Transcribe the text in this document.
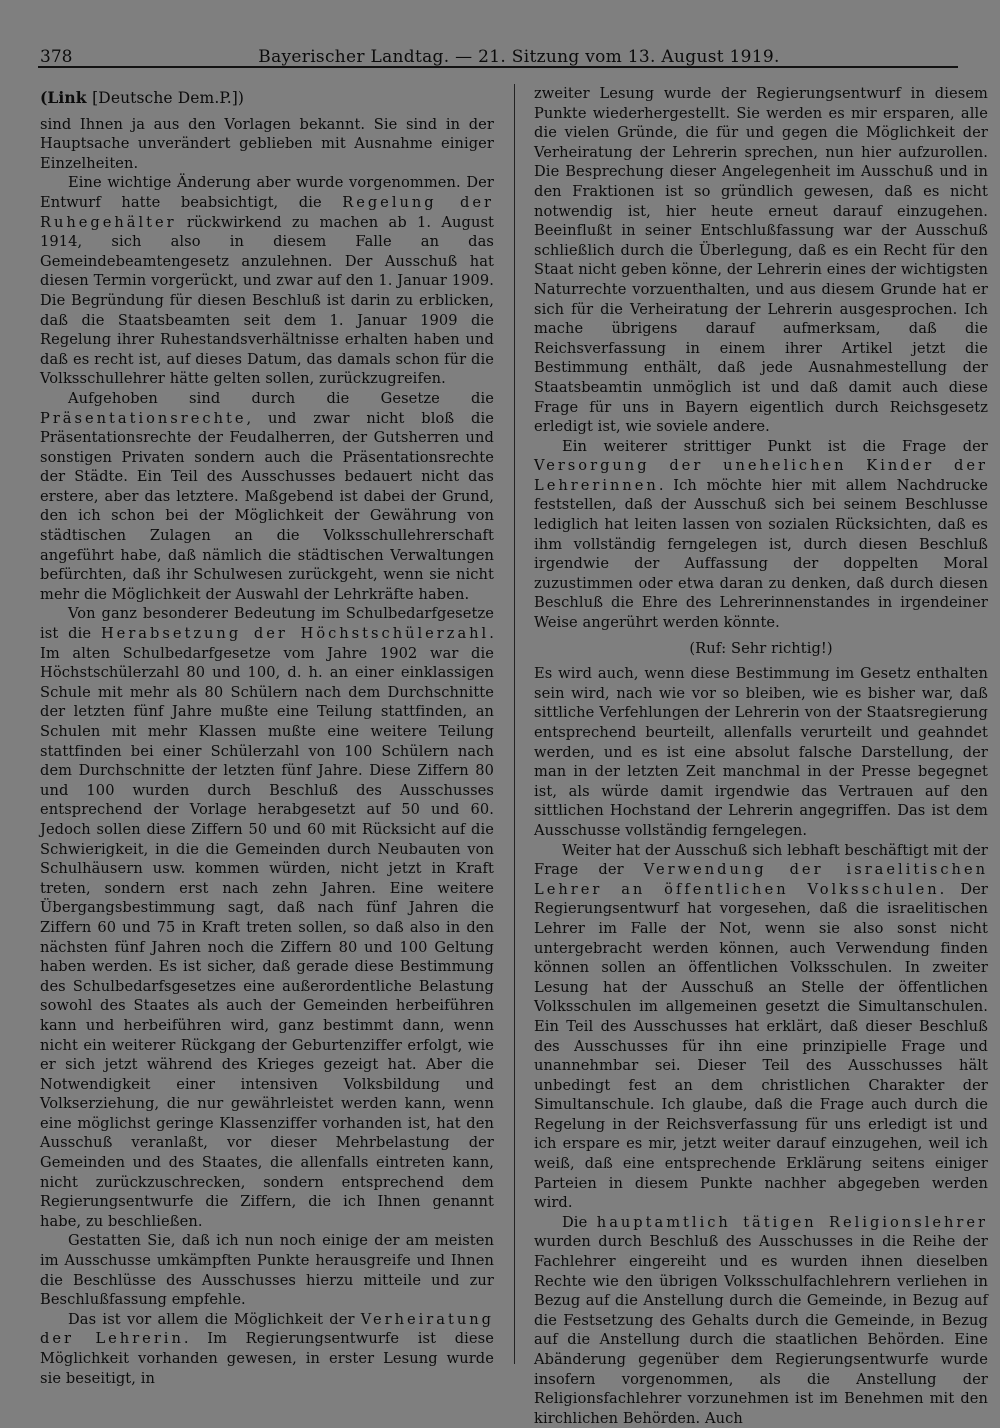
378	Bayerischer Landtag. — 21. Sitzung vom 13. August 1919.
(Link [Deutsche Dem.P.])

sind Ihnen ja aus den Vorlagen bekannt. Sie sind in der Hauptsache unverändert geblieben mit Ausnahme einiger Einzelheiten.

Eine wichtige Änderung aber wurde vorgenommen. Der Entwurf hatte beabsichtigt, die Regelung der Ruhegehälter rückwirkend zu machen ab 1. August 1914, sich also in diesem Falle an das Gemeindebeamtengesetz anzulehnen. Der Ausschuß hat diesen Termin vorgerückt, und zwar auf den 1. Januar 1909. Die Begründung für diesen Beschluß ist darin zu erblicken, daß die Staatsbeamten seit dem 1. Januar 1909 die Regelung ihrer Ruhestandsverhältnisse erhalten haben und daß es recht ist, auf dieses Datum, das damals schon für die Volksschullehrer hätte gelten sollen, zurückzugreifen.

Aufgehoben sind durch die Gesetze die Präsentationsrechte, und zwar nicht bloß die Präsentationsrechte der Feudalherren, der Gutsherren und sonstigen Privaten sondern auch die Präsentationsrechte der Städte. Ein Teil des Ausschusses bedauert nicht das erstere, aber das letztere. Maßgebend ist dabei der Grund, den ich schon bei der Möglichkeit der Gewährung von städtischen Zulagen an die Volksschullehrerschaft angeführt habe, daß nämlich die städtischen Verwaltungen befürchten, daß ihr Schulwesen zurückgeht, wenn sie nicht mehr die Möglichkeit der Auswahl der Lehrkräfte haben.

Von ganz besonderer Bedeutung im Schulbedarfgesetze ist die Herabsetzung der Höchstschülerzahl. Im alten Schulbedarfgesetze vom Jahre 1902 war die Höchstschülerzahl 80 und 100, d. h. an einer einklassigen Schule mit mehr als 80 Schülern nach dem Durchschnitte der letzten fünf Jahre mußte eine Teilung stattfinden, an Schulen mit mehr Klassen mußte eine weitere Teilung stattfinden bei einer Schülerzahl von 100 Schülern nach dem Durchschnitte der letzten fünf Jahre. Diese Ziffern 80 und 100 wurden durch Beschluß des Ausschusses entsprechend der Vorlage herabgesetzt auf 50 und 60. Jedoch sollen diese Ziffern 50 und 60 mit Rücksicht auf die Schwierigkeit, in die die Gemeinden durch Neubauten von Schulhäusern usw. kommen würden, nicht jetzt in Kraft treten, sondern erst nach zehn Jahren. Eine weitere Übergangsbestimmung sagt, daß nach fünf Jahren die Ziffern 60 und 75 in Kraft treten sollen, so daß also in den nächsten fünf Jahren noch die Ziffern 80 und 100 Geltung haben werden. Es ist sicher, daß gerade diese Bestimmung des Schulbedarfsgesetzes eine außerordentliche Belastung sowohl des Staates als auch der Gemeinden herbeiführen kann und herbeiführen wird, ganz bestimmt dann, wenn nicht ein weiterer Rückgang der Geburtenziffer erfolgt, wie er sich jetzt während des Krieges gezeigt hat. Aber die Notwendigkeit einer intensiven Volksbildung und Volkserziehung, die nur gewährleistet werden kann, wenn eine möglichst geringe Klassenziffer vorhanden ist, hat den Ausschuß veranlaßt, vor dieser Mehrbelastung der Gemeinden und des Staates, die allenfalls eintreten kann, nicht zurückzuschrecken, sondern entsprechend dem Regierungsentwurfe die Ziffern, die ich Ihnen genannt habe, zu beschließen.

Gestatten Sie, daß ich nun noch einige der am meisten im Ausschusse umkämpften Punkte herausgreife und Ihnen die Beschlüsse des Ausschusses hierzu mitteile und zur Beschlußfassung empfehle.

Das ist vor allem die Möglichkeit der Verheiratung der Lehrerin. Im Regierungsentwurfe ist diese Möglichkeit vorhanden gewesen, in erster Lesung wurde sie beseitigt, in

zweiter Lesung wurde der Regierungsentwurf in diesem Punkte wiederhergestellt. Sie werden es mir ersparen, alle die vielen Gründe, die für und gegen die Möglichkeit der Verheiratung der Lehrerin sprechen, nun hier aufzurollen. Die Besprechung dieser Angelegenheit im Ausschuß und in den Fraktionen ist so gründlich gewesen, daß es nicht notwendig ist, hier heute erneut darauf einzugehen. Beeinflußt in seiner Entschlußfassung war der Ausschuß schließlich durch die Überlegung, daß es ein Recht für den Staat nicht geben könne, der Lehrerin eines der wichtigsten Naturrechte vorzuenthalten, und aus diesem Grunde hat er sich für die Verheiratung der Lehrerin ausgesprochen. Ich mache übrigens darauf aufmerksam, daß die Reichsverfassung in einem ihrer Artikel jetzt die Bestimmung enthält, daß jede Ausnahmestellung der Staatsbeamtin unmöglich ist und daß damit auch diese Frage für uns in Bayern eigentlich durch Reichsgesetz erledigt ist, wie soviele andere.

Ein weiterer strittiger Punkt ist die Frage der Versorgung der unehelichen Kinder der Lehrerinnen. Ich möchte hier mit allem Nachdrucke feststellen, daß der Ausschuß sich bei seinem Beschlusse lediglich hat leiten lassen von sozialen Rücksichten, daß es ihm vollständig ferngelegen ist, durch diesen Beschluß irgendwie der Auffassung der doppelten Moral zuzustimmen oder etwa daran zu denken, daß durch diesen Beschluß die Ehre des Lehrerinnenstandes in irgendeiner Weise angerührt werden könnte.

(Ruf: Sehr richtig!)

Es wird auch, wenn diese Bestimmung im Gesetz enthalten sein wird, nach wie vor so bleiben, wie es bisher war, daß sittliche Verfehlungen der Lehrerin von der Staatsregierung entsprechend beurteilt, allenfalls verurteilt und geahndet werden, und es ist eine absolut falsche Darstellung, der man in der letzten Zeit manchmal in der Presse begegnet ist, als würde damit irgendwie das Vertrauen auf den sittlichen Hochstand der Lehrerin angegriffen. Das ist dem Ausschusse vollständig ferngelegen.

Weiter hat der Ausschuß sich lebhaft beschäftigt mit der Frage der Verwendung der israelitischen Lehrer an öffentlichen Volksschulen. Der Regierungsentwurf hat vorgesehen, daß die israelitischen Lehrer im Falle der Not, wenn sie also sonst nicht untergebracht werden können, auch Verwendung finden können sollen an öffentlichen Volksschulen. In zweiter Lesung hat der Ausschuß an Stelle der öffentlichen Volksschulen im allgemeinen gesetzt die Simultanschulen. Ein Teil des Ausschusses hat erklärt, daß dieser Beschluß des Ausschusses für ihn eine prinzipielle Frage und unannehmbar sei. Dieser Teil des Ausschusses hält unbedingt fest an dem christlichen Charakter der Simultanschule. Ich glaube, daß die Frage auch durch die Regelung in der Reichsverfassung für uns erledigt ist und ich erspare es mir, jetzt weiter darauf einzugehen, weil ich weiß, daß eine entsprechende Erklärung seitens einiger Parteien in diesem Punkte nachher abgegeben werden wird.

Die hauptamtlich tätigen Religionslehrer wurden durch Beschluß des Ausschusses in die Reihe der Fachlehrer eingereiht und es wurden ihnen dieselben Rechte wie den übrigen Volksschulfachlehrern verliehen in Bezug auf die Anstellung durch die Gemeinde, in Bezug auf die Festsetzung des Gehalts durch die Gemeinde, in Bezug auf die Anstellung durch die staatlichen Behörden. Eine Abänderung gegenüber dem Regierungsentwurfe wurde insofern vorgenommen, als die Anstellung der Religionsfachlehrer vorzunehmen ist im Benehmen mit den kirchlichen Behörden. Auch
